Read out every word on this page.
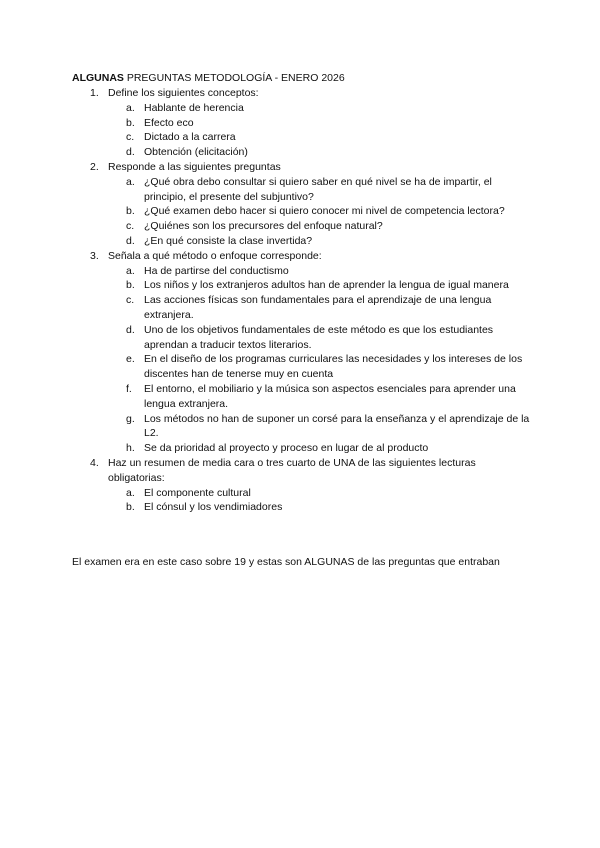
ALGUNAS PREGUNTAS METODOLOGÍA - ENERO 2026
1. Define los siguientes conceptos:
a. Hablante de herencia
b. Efecto eco
c. Dictado a la carrera
d. Obtención (elicitación)
2. Responde a las siguientes preguntas
a. ¿Qué obra debo consultar si quiero saber en qué nivel se ha de impartir, el principio, el presente del subjuntivo?
b. ¿Qué examen debo hacer si quiero conocer mi nivel de competencia lectora?
c. ¿Quiénes son los precursores del enfoque natural?
d. ¿En qué consiste la clase invertida?
3. Señala a qué método o enfoque corresponde:
a. Ha de partirse del conductismo
b. Los niños y los extranjeros adultos han de aprender la lengua de igual manera
c. Las acciones físicas son fundamentales para el aprendizaje de una lengua extranjera.
d. Uno de los objetivos fundamentales de este método es que los estudiantes aprendan a traducir textos literarios.
e. En el diseño de los programas curriculares las necesidades y los intereses de los discentes han de tenerse muy en cuenta
f. El entorno, el mobiliario y la música son aspectos esenciales para aprender una lengua extranjera.
g. Los métodos no han de suponer un corsé para la enseñanza y el aprendizaje de la L2.
h. Se da prioridad al proyecto y proceso en lugar de al producto
4. Haz un resumen de media cara o tres cuarto de UNA de las siguientes lecturas obligatorias:
a. El componente cultural
b. El cónsul y los vendimiadores
El examen era en este caso sobre 19 y estas son ALGUNAS de las preguntas que entraban
